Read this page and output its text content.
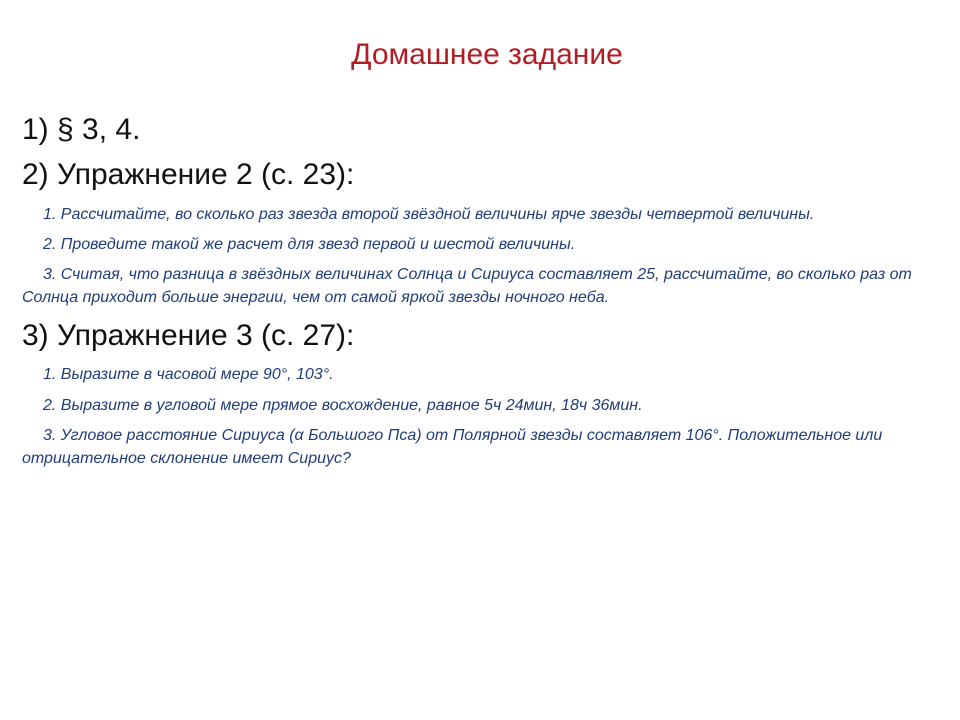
Домашнее задание
1) § 3, 4.
2) Упражнение 2 (с. 23):
1. Рассчитайте, во сколько раз звезда второй звёздной величины ярче звезды четвертой величины.
2. Проведите такой же расчет для звезд первой и шестой величины.
3. Считая, что разница в звёздных величинах Солнца и Сириуса составляет 25, рассчитайте, во сколько раз от Солнца приходит больше энергии, чем от самой яркой звезды ночного неба.
3) Упражнение 3 (с. 27):
1. Выразите в часовой мере 90°, 103°.
2. Выразите в угловой мере прямое восхождение, равное 5ч 24мин, 18ч 36мин.
3. Угловое расстояние Сириуса (α Большого Пса) от Полярной звезды составляет 106°. Положительное или отрицательное склонение имеет Сириус?
